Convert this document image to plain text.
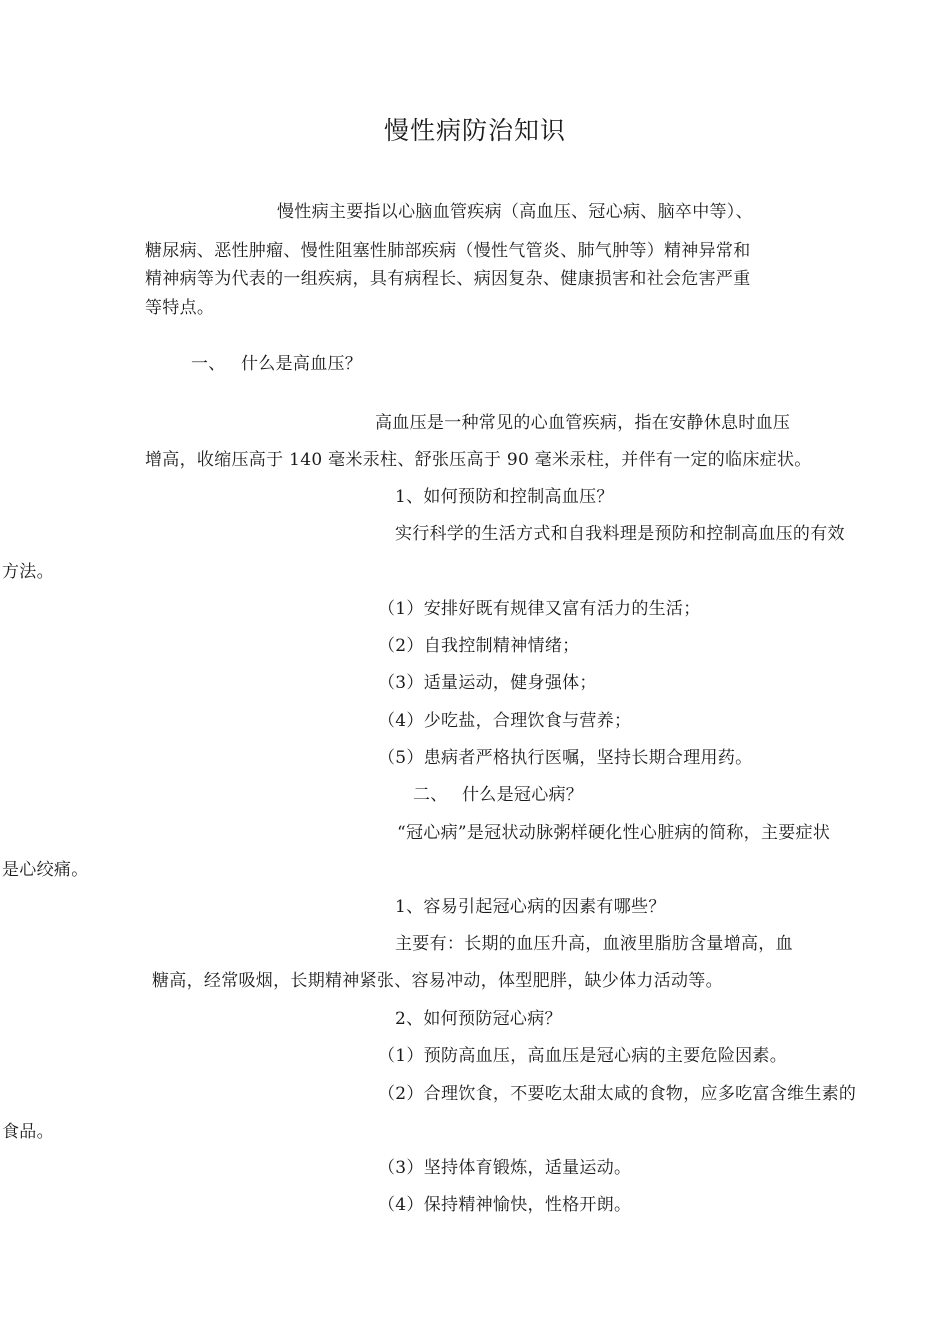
慢性病防治知识
慢性病主要指以心脑血管疾病（高血压、冠心病、脑卒中等）、
糖尿病、恶性肿瘤、慢性阻塞性肺部疾病（慢性气管炎、肺气肿等）精神异常和
精神病等为代表的一组疾病，具有病程长、病因复杂、健康损害和社会危害严重
等特点。
一、 什么是高血压？
高血压是一种常见的心血管疾病，指在安静休息时血压
增高，收缩压高于 140 毫米汞柱、舒张压高于 90 毫米汞柱，并伴有一定的临床症状。
1、如何预防和控制高血压？
实行科学的生活方式和自我料理是预防和控制高血压的有效
方法。
（1）安排好既有规律又富有活力的生活；
（2）自我控制精神情绪；
（3）适量运动，健身强体；
（4）少吃盐，合理饮食与营养；
（5）患病者严格执行医嘱，坚持长期合理用药。
二、 什么是冠心病？
“冠心病”是冠状动脉粥样硬化性心脏病的简称，主要症状
是心绞痛。
1、容易引起冠心病的因素有哪些？
主要有：长期的血压升高，血液里脂肪含量增高，血
糖高，经常吸烟，长期精神紧张、容易冲动，体型肥胖，缺少体力活动等。
2、如何预防冠心病？
（1）预防高血压，高血压是冠心病的主要危险因素。
（2）合理饮食，不要吃太甜太咸的食物，应多吃富含维生素的
食品。
（3）坚持体育锻炼，适量运动。
（4）保持精神愉快，性格开朗。
